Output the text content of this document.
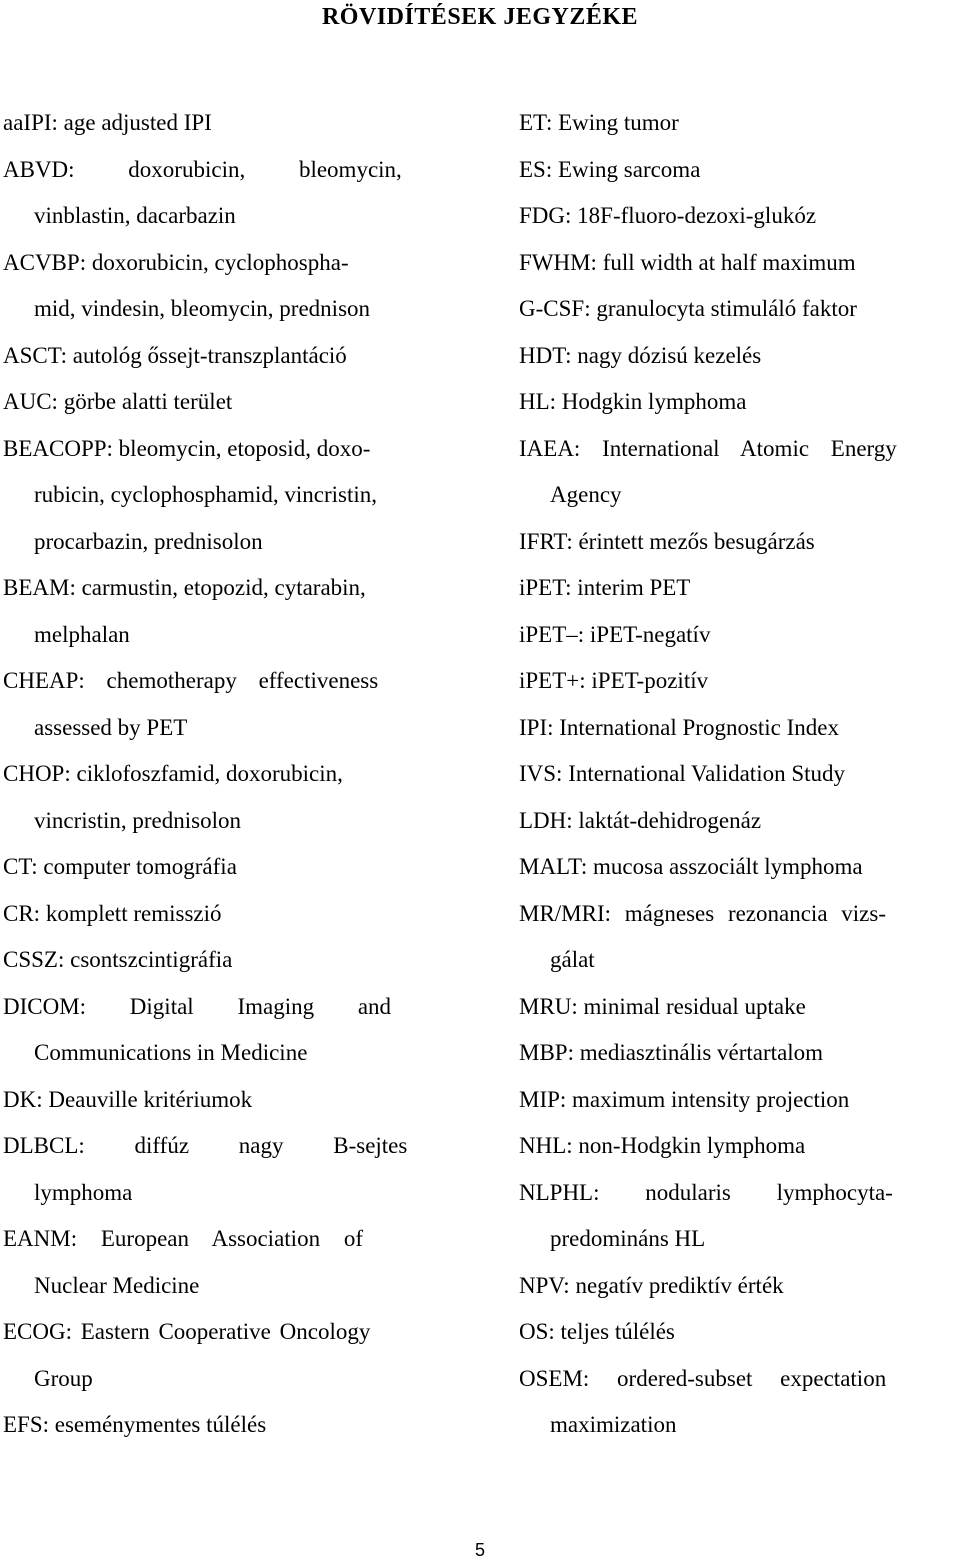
RÖVIDÍTÉSEK JEGYZÉKE
aaIPI: age adjusted IPI
ABVD: doxorubicin, bleomycin,
vinblastin, dacarbazin
ACVBP: doxorubicin, cyclophospha-
mid, vindesin, bleomycin, prednison
ASCT: autológ őssejt-transzplantáció
AUC: görbe alatti terület
BEACOPP: bleomycin, etoposid, doxo-
rubicin, cyclophosphamid, vincristin,
procarbazin, prednisolon
BEAM: carmustin, etopozid, cytarabin,
melphalan
CHEAP: chemotherapy effectiveness
assessed by PET
CHOP: ciklofoszfamid, doxorubicin,
vincristin, prednisolon
CT: computer tomográfia
CR: komplett remisszió
CSSZ: csontszcintigráfia
DICOM: Digital Imaging and
Communications in Medicine
DK: Deauville kritériumok
DLBCL: diffúz nagy B-sejtes
lymphoma
EANM: European Association of
Nuclear Medicine
ECOG: Eastern Cooperative Oncology
Group
EFS: eseménymentes túlélés
ET: Ewing tumor
ES: Ewing sarcoma
FDG: 18F-fluoro-dezoxi-glukóz
FWHM: full width at half maximum
G-CSF: granulocyta stimuláló faktor
HDT: nagy dózisú kezelés
HL: Hodgkin lymphoma
IAEA: International Atomic Energy
Agency
IFRT: érintett mezős besugárzás
iPET: interim PET
iPET–: iPET-negatív
iPET+: iPET-pozitív
IPI: International Prognostic Index
IVS: International Validation Study
LDH: laktát-dehidrogenáz
MALT: mucosa asszociált lymphoma
MR/MRI: mágneses rezonancia vizs-
gálat
MRU: minimal residual uptake
MBP: mediasztinális vértartalom
MIP: maximum intensity projection
NHL: non-Hodgkin lymphoma
NLPHL: nodularis lymphocyta-
predomináns HL
NPV: negatív prediktív érték
OS: teljes túlélés
OSEM: ordered-subset expectation
maximization
5
